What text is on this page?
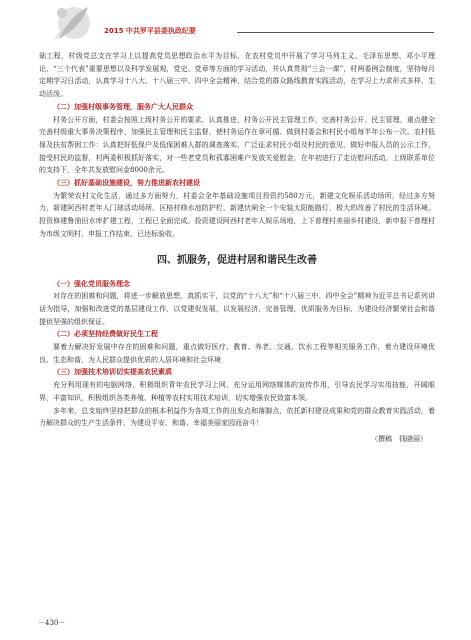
2015 中共罗平县委执政纪要

础工程，村级党总支在学习上以提高党员思想政治水平为目标，在农村党员中开展了学习马列主义、毛泽东思想、邓小平理论、“三个代表”重要思想以及科学发展观，党史、党章等方面的学习活动，并认真贯彻“三会一课”，村两委例会制度，坚持每月定期学习日活动，认真学习十八大、十八届三中、四中全会精神，结合党的群众路线教育实践活动，在学习上力求形式多样、生动活泼。

（二）加强村级事务管理，服务广大人民群众

村务公开方面，村委会按照上级村务公开的要求，认真推进，村务公开民主管理工作，完善村务公开、民主管理，重点健全完善村级重大事务决策程序，加强民主管理和民主监督，使村务运作在章可循。做到村委会和村民小组每半年公布一次。农村低保及扶贫帮困工作：认真把好低保户及低保困难人群的调查落实，广泛征求村民小组及村民的意见，做好申报人员的公示工作，接受村民的监督，村两委积极抓好落实，对一些老党员和孤寡困难户发放关爱慰金，在年初进行了走访慰问活动，上级联系单位的支持下，全年共发放慰问金8000余元。

（三）抓好基础设施建设，努力推进新农村建设

为繁荣农村文化生活，通过多方面努力，村委会全年基础设施项目投资约580万元，新建文化娱乐活动场所，经过多方努力，新建阿西村老年人门球活动场所、区格村修水池防护栏、新建伏闸全一个安装太阳能路灯，极大的改善了村民的生活环境。投资修建鲁油田水库扩建工程，工程已全面完成。投资建设阿西村老年人娱乐场地，上下普理村美丽乡村建设，新申报下普理村为市级文明村，申报工作结束，已达标验收。

四、抓服务，促进村居和谐民生改善
（一）强化党员服务理念

对存在的困难和问题，将进一步解放思想，真抓实干，以党的“十八大”和“十八届三中、四中全会”精神为近平总书记系列讲话为指导，加强和改进党的基层建设工作，以党建促发展，以发展经济，完善管理，优质服务为目标，为建设经济繁荣社会和谐提供坚强的组织保证。

（二）必须坚持经费做好民生工程

要着力解决好发展中存在的困难和问题，重点做好医疗、教育、养老、交通、饮水工程等相关服务工作，着力建设环境优良、生态和谐，为人民群众提供优质的人居环境和社会环境

（三）加强技术培训切实提高农民素质

充分利用现有的电脑网络，积极组织青年农民学习上网，充分运用网络媒体的宣传作用，引导农民学习实用技能，开阔眼界，丰富知识，积极组织各类养殖、种植等农村实用技术培训，切实增强农民致富本领。

多年来，总支始终坚持把群众的根本利益作为各项工作的出发点和落脚点，依托新村建设成果和党的群众教育实践活动，着力解决群众的生产生活条件，为建设平安、和谐、幸福美丽家园而奋斗！

（撰稿　钱晓丽）
－430－
